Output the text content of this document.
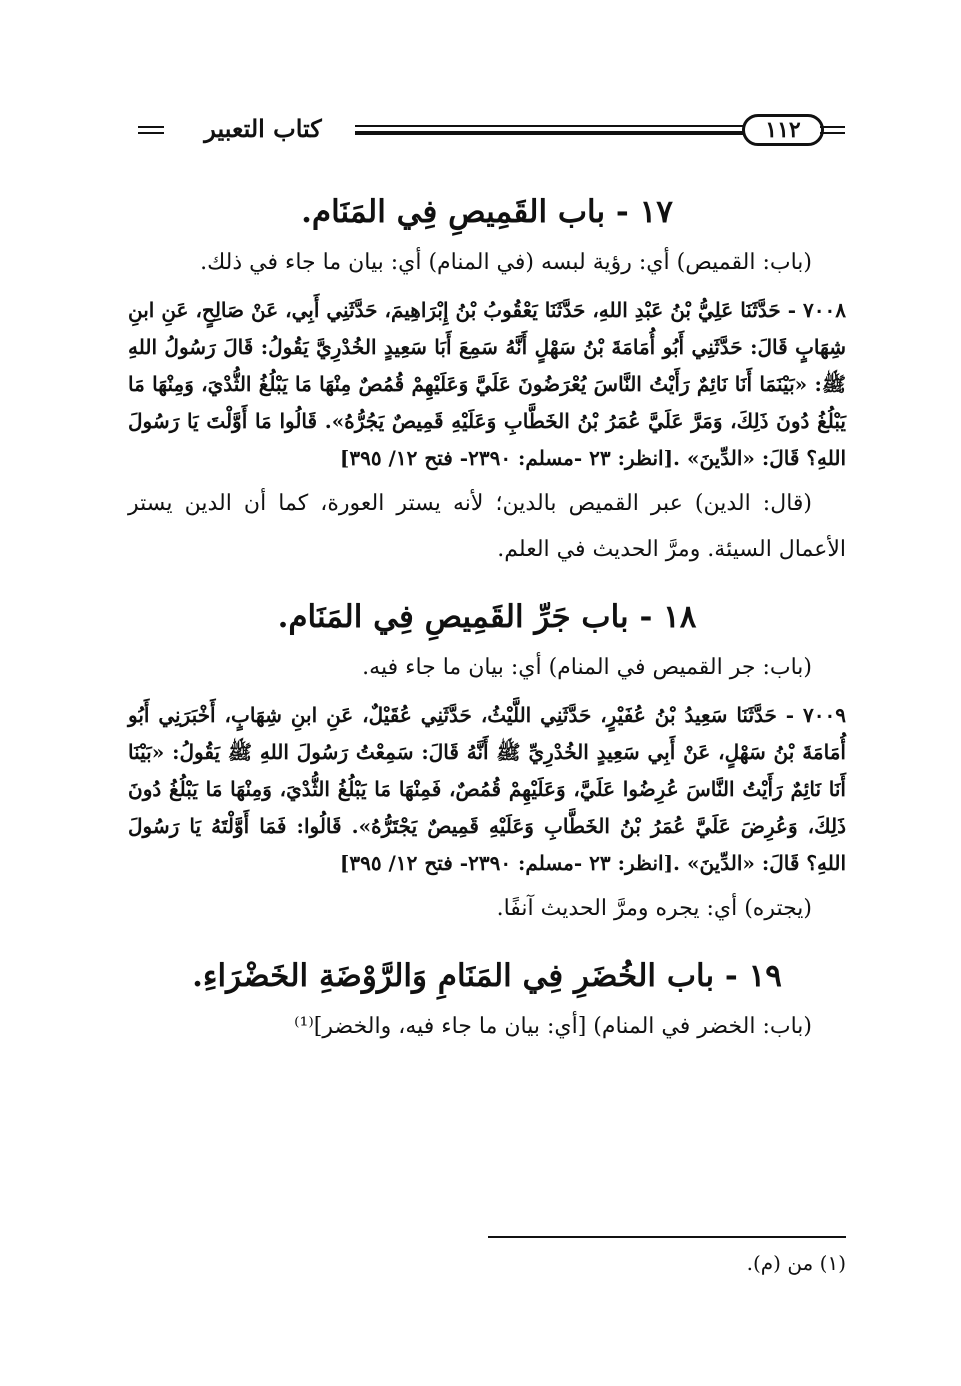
كتاب التعبير	١١٢
١٧ - باب القَمِيصِ فِي المَنَام.

(باب: القميص) أي: رؤية لبسه (في المنام) أي: بيان ما جاء في ذلك.

٧٠٠٨ - حَدَّثَنَا عَلِيُّ بْنُ عَبْدِ اللهِ، حَدَّثَنَا يَعْقُوبُ بْنُ إِبْرَاهِيمَ، حَدَّثَنِي أَبِي، عَنْ صَالِحٍ، عَنِ ابنِ شِهَابٍ قَالَ: حَدَّثَنِي أَبُو أُمَامَةَ بْنُ سَهْلٍ أَنَّهُ سَمِعَ أَبَا سَعِيدٍ الخُدْرِيَّ يَقُولُ: قَالَ رَسُولُ اللهِ ﷺ: «بَيْنَمَا أَنَا نَائِمٌ رَأَيْتُ النَّاسَ يُعْرَضُونَ عَلَيَّ وَعَلَيْهِمْ قُمُصٌ مِنْهَا مَا يَبْلُغُ الثُّدْيَ، وَمِنْهَا مَا يَبْلُغُ دُونَ ذَلِكَ، وَمَرَّ عَلَيَّ عُمَرُ بْنُ الخَطَّابِ وَعَلَيْهِ قَمِيصٌ يَجُرُّهُ». قَالُوا مَا أَوَّلْتَ يَا رَسُولَ اللهِ؟ قَالَ: «الدِّينَ» .[انظر: ٢٣ -مسلم: ٢٣٩٠- فتح ١٢/ ٣٩٥]

(قال: الدين) عبر القميص بالدين؛ لأنه يستر العورة، كما أن الدين يستر الأعمال السيئة. ومرَّ الحديث في العلم.

١٨ - باب جَرِّ القَمِيصِ فِي المَنَام.

(باب: جر القميص في المنام) أي: بيان ما جاء فيه.

٧٠٠٩ - حَدَّثَنَا سَعِيدُ بْنُ عُفَيْرٍ، حَدَّثَنِي اللَّيْثُ، حَدَّثَنِي عُقَيْلٌ، عَنِ ابنِ شِهَابٍ، أَخْبَرَنِي أَبُو أُمَامَةَ بْنُ سَهْلٍ، عَنْ أَبِي سَعِيدٍ الخُدْرِيِّ ﷺ أَنَّهُ قَالَ: سَمِعْتُ رَسُولَ اللهِ ﷺ يَقُولُ: «بَيْنَا أَنَا نَائِمٌ رَأَيْتُ النَّاسَ عُرِضُوا عَلَيَّ، وَعَلَيْهِمْ قُمُصٌ، فَمِنْهَا مَا يَبْلُغُ الثُّدْيَ، وَمِنْهَا مَا يَبْلُغُ دُونَ ذَلِكَ، وَعُرِضَ عَلَيَّ عُمَرُ بْنُ الخَطَّابِ وَعَلَيْهِ قَمِيصٌ يَجْتَرُّهُ». قَالُوا: فَمَا أَوَّلْتَهُ يَا رَسُولَ اللهِ؟ قَالَ: «الدِّينَ» .[انظر: ٢٣ -مسلم: ٢٣٩٠- فتح ١٢/ ٣٩٥]

(يجتره) أي: يجره ومرَّ الحديث آنفًا.

١٩ - باب الخُضَرِ فِي المَنَامِ وَالرَّوْضَةِ الخَضْرَاءِ.

(باب: الخضر في المنام) [أي: بيان ما جاء فيه، والخضر]⁽¹⁾

(١) من (م).
